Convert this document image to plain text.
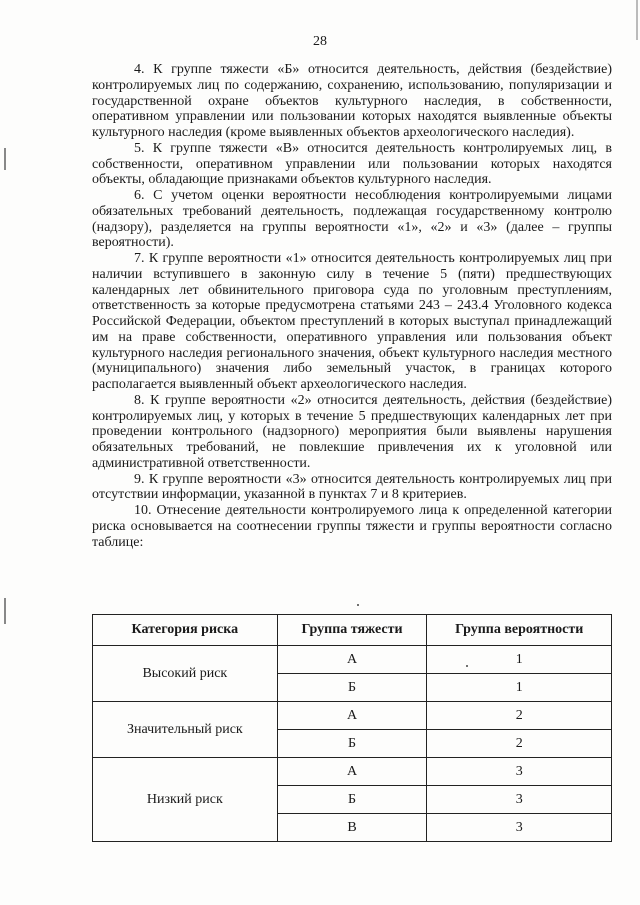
28

4. К группе тяжести «Б» относится деятельность, действия (бездействие) контролируемых лиц по содержанию, сохранению, использованию, популяризации и государственной охране объектов культурного наследия, в собственности, оперативном управлении или пользовании которых находятся выявленные объекты культурного наследия (кроме выявленных объектов археологического наследия).

5. К группе тяжести «В» относится деятельность контролируемых лиц, в собственности, оперативном управлении или пользовании которых находятся объекты, обладающие признаками объектов культурного наследия.

6. С учетом оценки вероятности несоблюдения контролируемыми лицами обязательных требований деятельность, подлежащая государственному контролю (надзору), разделяется на группы вероятности «1», «2» и «3» (далее – группы вероятности).

7. К группе вероятности «1» относится деятельность контролируемых лиц при наличии вступившего в законную силу в течение 5 (пяти) предшествующих календарных лет обвинительного приговора суда по уголовным преступлениям, ответственность за которые предусмотрена статьями 243 – 243.4 Уголовного кодекса Российской Федерации, объектом преступлений в которых выступал принадлежащий им на праве собственности, оперативного управления или пользования объект культурного наследия регионального значения, объект культурного наследия местного (муниципального) значения либо земельный участок, в границах которого располагается выявленный объект археологического наследия.

8. К группе вероятности «2» относится деятельность, действия (бездействие) контролируемых лиц, у которых в течение 5 предшествующих календарных лет при проведении контрольного (надзорного) мероприятия были выявлены нарушения обязательных требований, не повлекшие привлечения их к уголовной или административной ответственности.

9. К группе вероятности «3» относится деятельность контролируемых лиц при отсутствии информации, указанной в пунктах 7 и 8 критериев.

10. Отнесение деятельности контролируемого лица к определенной категории риска основывается на соотнесении группы тяжести и группы вероятности согласно таблице:

Категория риска	Группа тяжести	Группа вероятности
Высокий риск	А	1
	Б	1
Значительный риск	А	2
	Б	2
Низкий риск	А	3
	Б	3
	В	3
